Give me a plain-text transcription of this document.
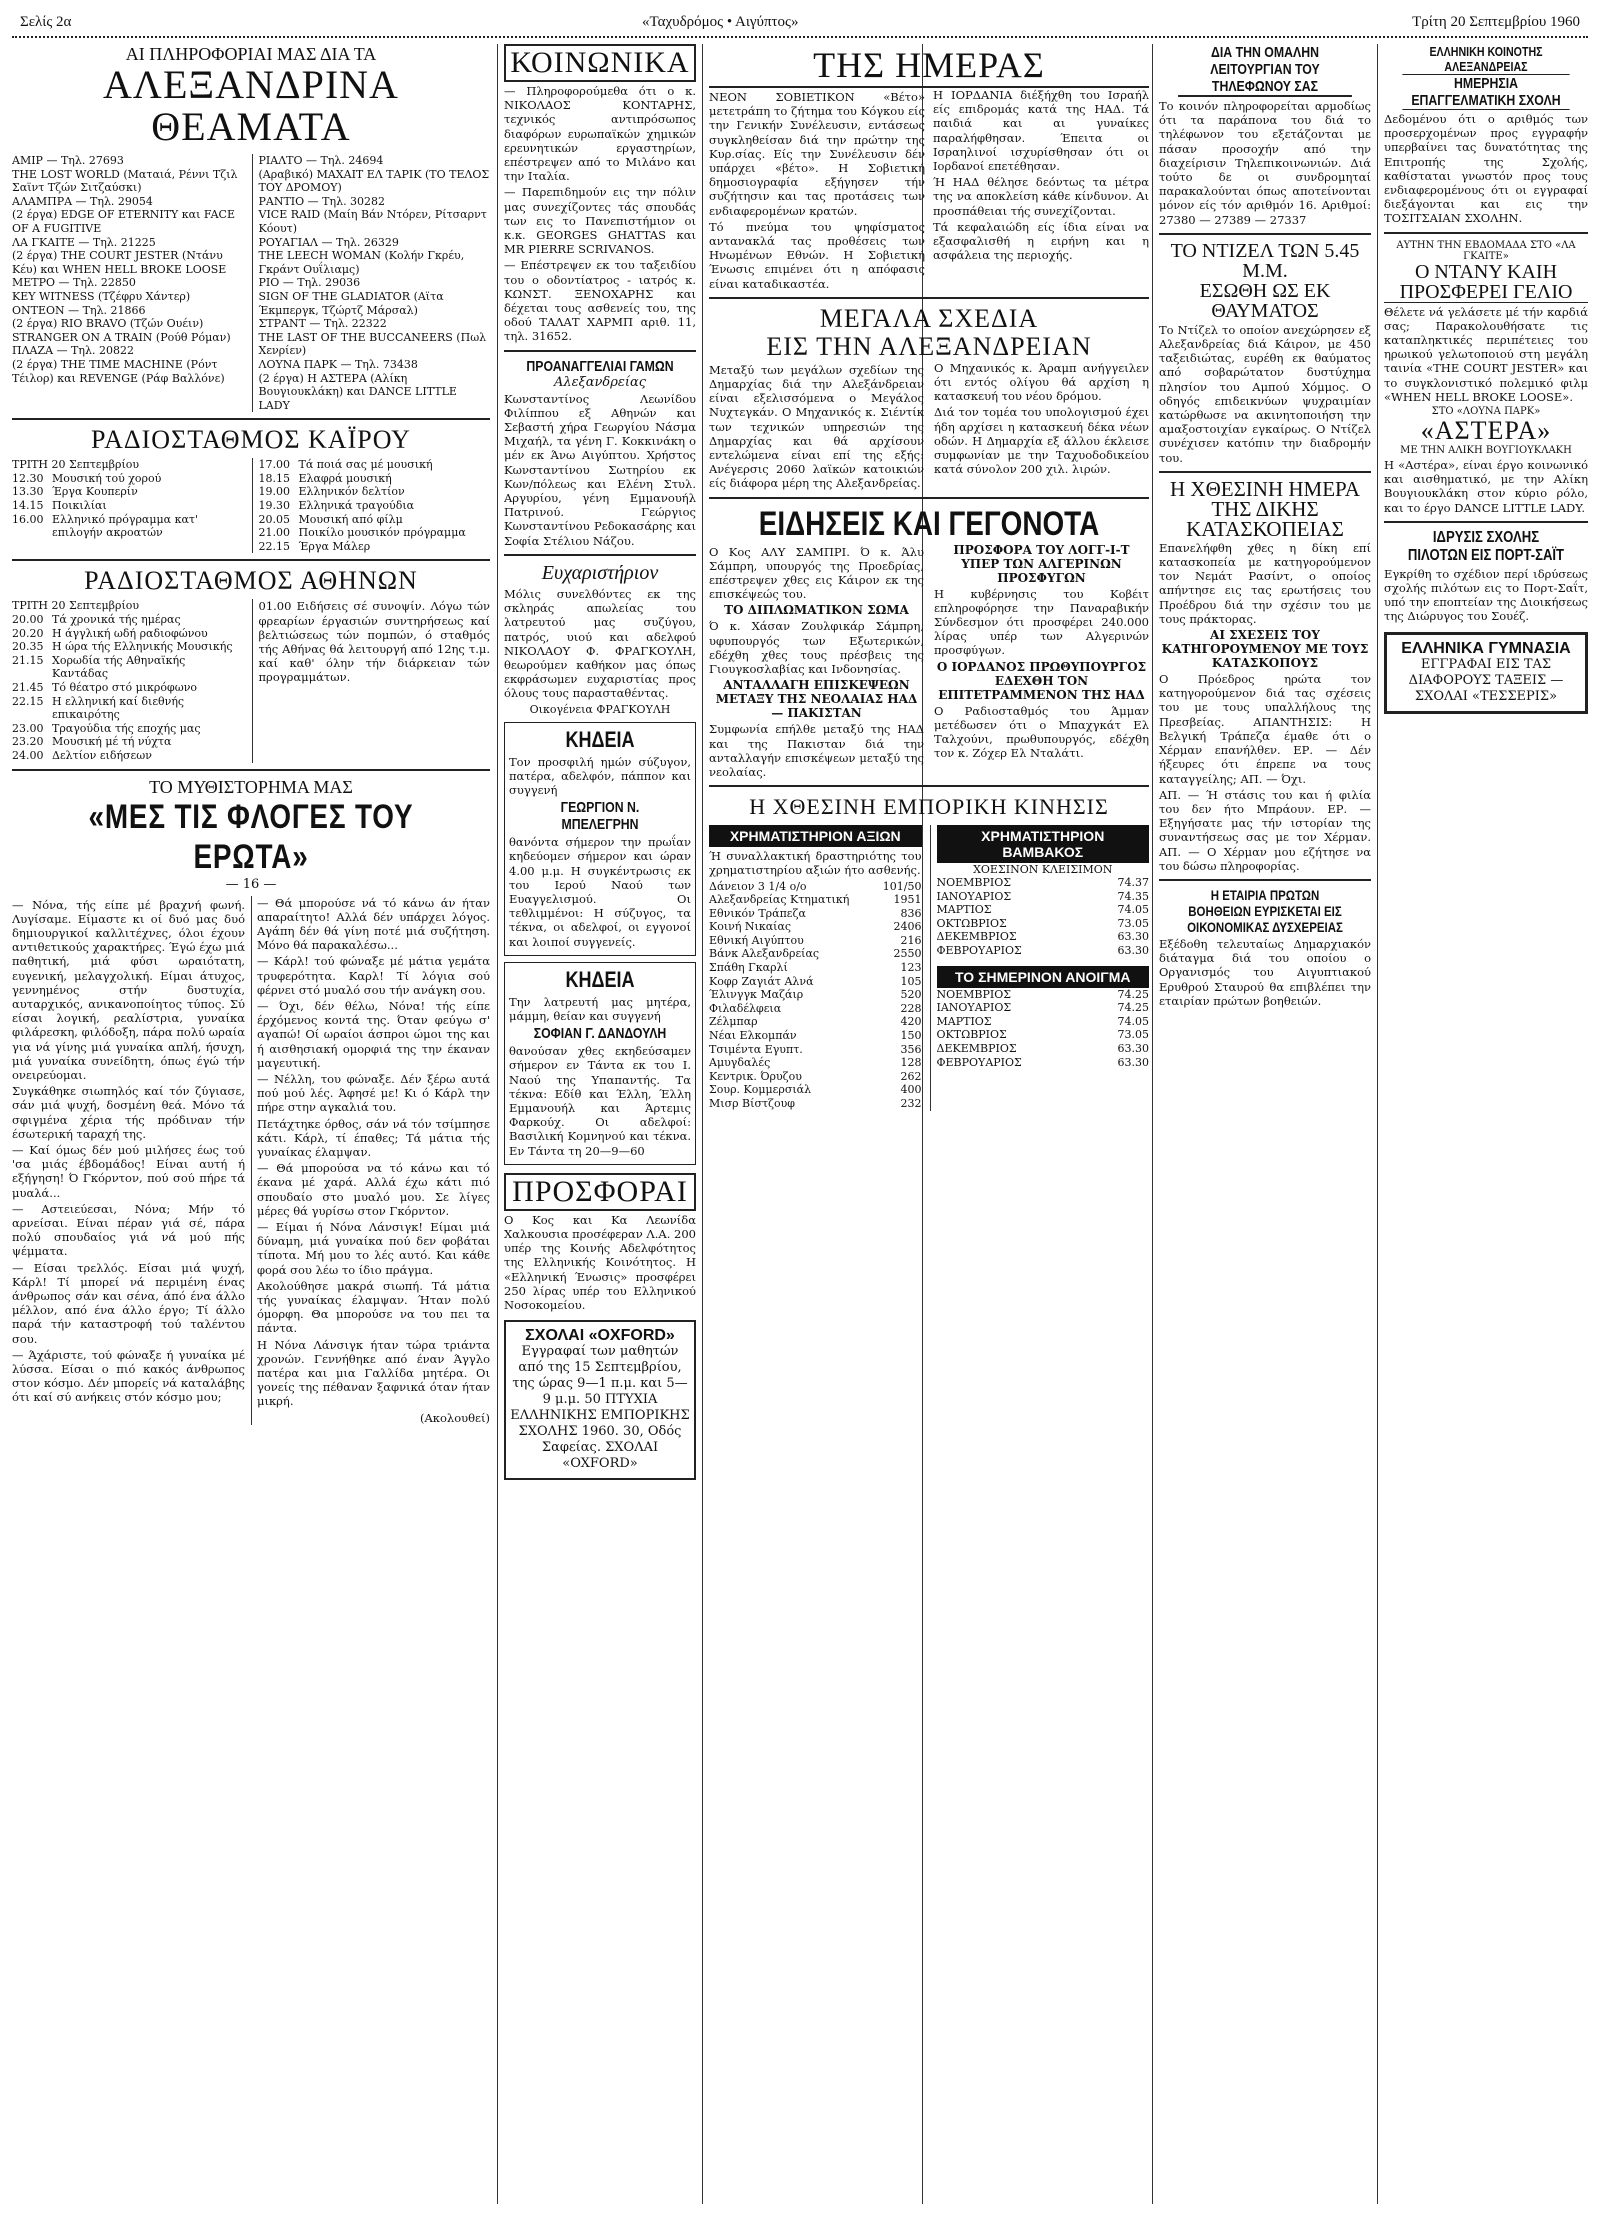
Σελίς 2α	«Ταχυδρόμος • Αιγύπτος»	Τρίτη 20 Σεπτεμβρίου 1960
ΑΙ ΠΛΗΡΟΦΟΡΙΑΙ ΜΑΣ ΔΙΑ ΤΑ
ΑΛΕΞΑΝΔΡΙΝΑ ΘΕΑΜΑΤΑ
ΑΜΙΡ — Τηλ. 27693
THE LOST WORLD (Ματαιά, Ρέννι Τζιλ Σαϊντ Τζών Σιτζαύσκι)
ΑΛΑΜΠΡΑ — Τηλ. 29054
(2 έργα) EDGE OF ETERNITY και FACE OF A FUGITIVE
ΛΑ ΓΚΑΙΤΕ — Τηλ. 21225
(2 έργα) THE COURT JESTER (Ντάνυ Κέυ) και WHEN HELL BROKE LOOSE
ΜΕΤΡΟ — Τηλ. 22850
KEY WITNESS (Τζέφρυ Χάντερ)
ΟΝΤΕΟΝ — Τηλ. 21866
(2 έργα) RIO BRAVO (Τζών Ουέιν) STRANGER ON A TRAIN (Ρούθ Ρόμαν)
ΠΛΑΖΑ — Τηλ. 20822
(2 έργα) THE TIME MACHINE (Ρόντ Τέιλορ) και REVENGE (Ράφ Βαλλόνε)
ΡΙΑΛΤΟ — Τηλ. 24694
(Αραβικό) ΜΑΧΑΙΤ ΕΛ ΤΑΡΙΚ (ΤΟ ΤΕΛΟΣ ΤΟΥ ΔΡΟΜΟΥ)
ΡΑΝΤΙΟ — Τηλ. 30282
VICE RAID (Μαίη Βάν Ντόρεν, Ρίτσαρντ Κόουτ)
ΡΟΥΑΓΙΑΛ — Τηλ. 26329
THE LEECH WOMAN (Κολήν Γκρέυ, Γκράντ Ουΐλιαμς)
ΡΙΟ — Τηλ. 29036
SIGN OF THE GLADIATOR (Αϊτα Έκμπεργκ, Τζώρτζ Μάρσαλ)
ΣΤΡΑΝΤ — Τηλ. 22322
THE LAST OF THE BUCCANEERS (Πωλ Χενρίεν)
ΛΟΥΝΑ ΠΑΡΚ — Τηλ. 73438
(2 έργα) Η ΑΣΤΕΡΑ (Αλίκη Βουγιουκλάκη) και DANCE LITTLE LADY
ΡΑΔΙΟΣΤΑΘΜΟΣ ΚΑΪΡΟΥ
ΤΡΙΤΗ 20 Σεπτεμβρίου
12.30 Μουσική τού χορού
13.30 Έργα Κουπερίν
14.15 Ποικιλίαι
16.00 Ελληνικό πρόγραμμα κατ' επιλογήν ακροατών
17.00 Τά ποιά σας μέ μουσική
18.15 Ελαφρά μουσική
19.00 Ελληνικόν δελτίον
19.30 Ελληνικά τραγούδια
20.05 Μουσική από φίλμ
21.00 Ποικίλο μουσικόν πρόγραμμα
22.15 Έργα Μάλερ
ΡΑΔΙΟΣΤΑΘΜΟΣ ΑΘΗΝΩΝ
ΤΡΙΤΗ 20 Σεπτεμβρίου
20.00 Τά χρονικά τής ημέρας
20.20 Η άγγλική ωδή ραδιοφώνου
20.35 Η ώρα τής Ελληνικής Μουσικής
21.15 Χορωδία τής Αθηναϊκής Καντάδας
21.45 Τό θέατρο στό μικρόφωνο
22.15 Η ελληνική καί διεθνής επικαιρότης
23.00 Τραγούδια τής εποχής μας
23.20 Μουσική μέ τή νύχτα
24.00 Δελτίον ειδήσεων

01.00 Ειδήσεις σέ συνοψίν. Λόγω τών φρεαρίων έργασιών συντηρήσεως καί βελτιώσεως τών πομπών, ό σταθμός τής Αθήνας θά λειτουργή από 12ης τ.μ. καί καθ' όλην τήν διάρκειαν τών προγραμμάτων.

ΤΟ ΜΥΘΙΣΤΟΡΗΜΑ ΜΑΣ
«ΜΕΣ ΤΙΣ ΦΛΟΓΕΣ ΤΟΥ ΕΡΩΤΑ»
— 16 —

— Νόνα, τής είπε μέ βραχνή φωνή. Λυγίσαμε. Είμαστε κι οί δυό μας δυό δημιουργικοί καλλιτέχνες, όλοι έχουν αντιθετικούς χαρακτήρες. Έγώ έχω μιά παθητική, μιά φύσι ωραιότατη, ευγενική, μελαγχολική. Είμαι άτυχος, γεννημένος στήν δυστυχία, αυταρχικός, ανικανοποίητος τύπος. Σύ είσαι λογική, ρεαλίστρια, γυναίκα φιλάρεσκη, φιλόδοξη, πάρα πολύ ωραία για νά γίνης μιά γυναίκα απλή, ήσυχη, μιά γυναίκα συνείδητη, όπως έγώ τήν ονειρεύομαι.

Συγκάθηκε σιωπηλός καί τόν ζύγιασε, σάν μιά ψυχή, δοσμένη θεά. Μόνο τά σφιγμένα χέρια τής πρόδιναν τήν έσωτερική ταραχή της.

— Καί όμως δέν μού μιλήσες έως τού 'σα μιάς έβδομάδος! Είναι αυτή ή εξήγηση! Ό Γκόρντον, πού σού πήρε τά μυαλά...

— Αστειεύεσαι, Νόνα; Μήν τό αρνείσαι. Είναι πέραν γιά σέ, πάρα πολύ σπουδαίος γιά νά μού πής ψέμματα.

— Είσαι τρελλός. Είσαι μιά ψυχή, Κάρλ! Τί μπορεί νά περιμένη ένας άνθρωπος σάν και σένα, άπό ένα άλλο μέλλον, από ένα άλλο έργο; Τί άλλο παρά τήν καταστροφή τού ταλέντου σου.

— Άχάριστε, τού φώναξε ή γυναίκα μέ λύσσα. Είσαι ο πιό κακός άνθρωπος στον κόσμο. Δέν μπορείς νά καταλάβης ότι καί σύ ανήκεις στόν κόσμο μου;

— Θά μπορούσε νά τό κάνω άν ήταν απαραίτητο! Αλλά δέν υπάρχει λόγος. Αγάπη δέν θά γίνη ποτέ μιά συζήτηση. Μόνο θά παρακαλέσω...

— Κάρλ! τού φώναξε μέ μάτια γεμάτα τρυφερότητα. Καρλ! Τί λόγια σού φέρνει στό μυαλό σου τήν ανάγκη σου.

— Όχι, δέν θέλω, Νόνα! τής είπε έρχόμενος κοντά της. Όταν φεύγω σ' αγαπώ! Οί ωραίοι άσπροι ώμοι της και ή αισθησιακή ομορφιά της την έκαναν μαγευτική.

— Νέλλη, του φώναξε. Δέν ξέρω αυτά πού μού λές. Άφησέ με! Κι ό Κάρλ την πήρε στην αγκαλιά του.

Πετάχτηκε όρθος, σάν νά τόν τσίμπησε κάτι. Κάρλ, τί έπαθες; Τά μάτια τής γυναίκας έλαμψαν.

— Θά μπορούσα να τό κάνω και τό έκανα μέ χαρά. Αλλά έχω κάτι πιό σπουδαίο στο μυαλό μου. Σε λίγες μέρες θά γυρίσω στον Γκόρντον.

— Είμαι ή Νόνα Λάνσιγκ! Είμαι μιά δύναμη, μιά γυναίκα πού δεν φοβάται τίποτα. Μή μου το λές αυτό. Και κάθε φορά σου λέω το ίδιο πράγμα.

Ακολούθησε μακρά σιωπή. Τά μάτια τής γυναίκας έλαμψαν. Ήταν πολύ όμορφη. Θα μπορούσε να του πει τα πάντα.

Η Νόνα Λάνσιγκ ήταν τώρα τριάντα χρονών. Γεννήθηκε από έναν Άγγλο πατέρα και μια Γαλλίδα μητέρα. Οι γονείς της πέθαναν ξαφνικά όταν ήταν μικρή.

(Ακολουθεί)

ΚΟΙΝΩΝΙΚΑ

— Πληροφορούμεθα ότι ο κ. ΝΙΚΟΛΑΟΣ ΚΟΝΤΑΡΗΣ, τεχνικός αντιπρόσωπος διαφόρων ευρωπαϊκών χημικών ερευνητικών εργαστηρίων, επέστρεψεν από το Μιλάνο και την Ιταλία.

— Παρεπιδημούν εις την πόλιν μας συνεχίζοντες τάς σπουδάς των εις το Πανεπιστήμιον οι κ.κ. GEORGES GHATTAS και MR PIERRE SCRIVANOS.

— Επέστρεψεν εκ του ταξειδίου του ο οδοντίατρος - ιατρός κ. ΚΩΝΣΤ. ΞΕΝΟΧΑΡΗΣ και δέχεται τους ασθενείς του, της οδού ΤΑΛΑΤ ΧΑΡΜΠ αριθ. 11, τηλ. 31652.

ΠΡΟΑΝΑΓΓΕΛΙΑΙ ΓΑΜΩΝ
Αλεξανδρείας

Κωνσταντίνος Λεωνίδου Φιλίππου εξ Αθηνών και Σεβαστή χήρα Γεωργίου Νάσμα Μιχαήλ, τα γένη Γ. Κοκκινάκη ο μέν εκ Άνω Αιγύπτου. Χρήστος Κωνσταντίνου Σωτηρίου εκ Κων/πόλεως και Ελένη Στυλ. Αργυρίου, γένη Εμμανουήλ Πατρινού. Γεώργιος Κωνσταντίνου Ρεδοκασάρης και Σοφία Στέλιου Νάζου.

Ευχαριστήριον

Μόλις συνελθόντες εκ της σκληράς απωλείας του λατρευτού μας συζύγου, πατρός, υιού και αδελφού ΝΙΚΟΛΑΟΥ Φ. ΦΡΑΓΚΟΥΛΗ, θεωρούμεν καθήκον μας όπως εκφράσωμεν ευχαριστίας προς όλους τους παρασταθέντας.

Οικογένεια ΦΡΑΓΚΟΥΛΗ
ΚΗΔΕΙΑ

Τον προσφιλή ημών σύζυγον, πατέρα, αδελφόν, πάππον και συγγενή

ΓΕΩΡΓΙΟΝ Ν. ΜΠΕΛΕΓΡΗΝ

θανόντα σήμερον την πρωΐαν κηδεύομεν σήμερον και ώραν 4.00 μ.μ. Η συγκέντρωσις εκ του Ιερού Ναού των Ευαγγελισμού. Οι τεθλιμμένοι: Η σύζυγος, τα τέκνα, οι αδελφοί, οι εγγονοί και λοιποί συγγενείς.

ΚΗΔΕΙΑ

Την λατρευτή μας μητέρα, μάμμη, θείαν και συγγενή

ΣΟΦΙΑΝ Γ. ΔΑΝΔΟΥΛΗ

θανούσαν χθες εκηδεύσαμεν σήμερον εν Τάντα εκ του Ι. Ναού της Υπαπαντής. Τα τέκνα: Εδίθ και Έλλη, Έλλη Εμμανουήλ και Άρτεμις Φαρκούχ. Οι αδελφοί: Βασιλική Κομνηνού και τέκνα. Εν Τάντα τη 20—9—60

ΠΡΟΣΦΟΡΑΙ

Ο Κος και Κα Λεωνίδα Χαλκουσια προσέφεραν Λ.Α. 200 υπέρ της Κοινής Αδελφότητος της Ελληνικής Κοινότητος. Η «Ελληνική Ένωσις» προσφέρει 250 λίρας υπέρ του Ελληνικού Νοσοκομείου.

ΣΧΟΛΑΙ «OXFORD»
Εγγραφαί των μαθητών από της 15 Σεπτεμβρίου, της ώρας 9—1 π.μ. και 5—9 μ.μ. 50 ΠΤΥΧΙΑ ΕΛΛΗΝΙΚΗΣ ΕΜΠΟΡΙΚΗΣ ΣΧΟΛΗΣ 1960. 30, Οδός Σαφείας. ΣΧΟΛΑΙ «OXFORD»
ΤΗΣ ΗΜΕΡΑΣ

ΝΕΟΝ ΣΟΒΙΕΤΙΚΟΝ «Βέτο» μετετράπη το ζήτημα του Κόγκου είς την Γενικήν Συνέλευσιν, εντάσεως συγκληθείσαν διά την πρώτην της Κυρ.σίας. Είς την Συνέλευσιν δέν υπάρχει «βέτο». Η Σοβιετική δημοσιογραφία εξήγησεν τήν συζήτησιν και τας προτάσεις των ενδιαφερομένων κρατών.

Τό πνεύμα του ψηφίσματος αντανακλά τας προθέσεις των Ηνωμένων Εθνών. Η Σοβιετική Ένωσις επιμένει ότι η απόφασις είναι καταδικαστέα.

Η ΙΟΡΔΑΝΙΑ διέξήχθη του Ισραήλ είς επιδρομάς κατά της ΗΑΔ. Τά παιδιά και αι γυναίκες παραλήφθησαν. Έπειτα οι Ισραηλινοί ισχυρίσθησαν ότι οι Ιορδανοί επετέθησαν.

Ή ΗΑΔ θέλησε δεόντως τα μέτρα της να αποκλείση κάθε κίνδυνον. Αι προσπάθειαι τής συνεχίζονται.

Τά κεφαλαιώδη είς ίδια είναι να εξασφαλισθή η ειρήνη και η ασφάλεια της περιοχής.

ΜΕΓΑΛΑ ΣΧΕΔΙΑ
ΕΙΣ ΤΗΝ ΑΛΕΞΑΝΔΡΕΙΑΝ

Μεταξύ των μεγάλων σχεδίων της Δημαρχίας διά την Αλεξάνδρειαν είναι εξελισσόμενα ο Μεγάλος Νυχτεγκάν. Ο Μηχανικός κ. Σιέντίκ των τεχνικών υπηρεσιών της Δημαρχίας και θά αρχίσουν εντελώμενα είναι επί της εξής: Ανέγερσις 2060 λαϊκών κατοικιών είς διάφορα μέρη της Αλεξανδρείας.

Ο Μηχανικός κ. Άραμπ ανήγγειλεν ότι εντός ολίγου θά αρχίση η κατασκευή του νέου δρόμου.

Διά τον τομέα του υπολογισμού έχει ήδη αρχίσει η κατασκευή δέκα νέων οδών. Η Δημαρχία εξ άλλου έκλεισε συμφωνίαν με την Ταχυοδοδικείου κατά σύνολον 200 χιλ. λιρών.

ΕΙΔΗΣΕΙΣ ΚΑΙ ΓΕΓΟΝΟΤΑ

Ο Κος ΑΛΥ ΣΑΜΠΡΙ. Ό κ. Άλυ Σάμπρη, υπουργός της Προεδρίας, επέστρεψεν χθες εις Κάιρον εκ της επισκέψεώς του.

ΤΟ ΔΙΠΛΩΜΑΤΙΚΟΝ ΣΩΜΑ

Ό κ. Χάσαν Ζουλφικάρ Σάμπρη, υφυπουργός των Εξωτερικών, εδέχθη χθες τους πρέσβεις της Γιουγκοσλαβίας και Ινδονησίας.

ΑΝΤΑΛΛΑΓΗ ΕΠΙΣΚΕΨΕΩΝ ΜΕΤΑΞΥ ΤΗΣ ΝΕΟΛΑΙΑΣ ΗΑΔ — ΠΑΚΙΣΤΑΝ

Συμφωνία επήλθε μεταξύ της ΗΑΔ και της Πακισταν διά την ανταλλαγήν επισκέψεων μεταξύ της νεολαίας.

ΠΡΟΣΦΟΡΑ ΤΟΥ ΛΟΓΓ-Ι-Τ ΥΠΕΡ ΤΩΝ ΑΛΓΕΡΙΝΩΝ ΠΡΟΣΦΥΓΩΝ

Η κυβέρνησις του Κοβέιτ επληροφόρησε την Παναραβικήν Σύνδεσμον ότι προσφέρει 240.000 λίρας υπέρ των Αλγερινών προσφύγων.

Ο ΙΟΡΔΑΝΟΣ ΠΡΩΘΥΠΟΥΡΓΟΣ ΕΔΕΧΘΗ ΤΟΝ ΕΠΙΤΕΤΡΑΜΜΕΝΟΝ ΤΗΣ ΗΑΔ

Ο Ραδιοσταθμός του Άμμαν μετέδωσεν ότι ο Μπαχγκάτ Ελ Ταλχούνι, πρωθυπουργός, εδέχθη τον κ. Ζόχερ Ελ Νταλάτι.

Η ΧΘΕΣΙΝΗ ΕΜΠΟΡΙΚΗ ΚΙΝΗΣΙΣ
ΧΡΗΜΑΤΙΣΤΗΡΙΟΝ ΑΞΙΩΝ

Ή συναλλακτική δραστηριότης του χρηματιστηρίου αξιών ήτο ασθενής.

Δάνειον 3 1/4 ο/ο	101/50
Αλεξανδρείας Κτηματική	1951
Εθνικόν Τράπεζα	836
Κοινή Νικαίας	2406
Εθνική Αιγύπτου	216
Βάνκ Αλεξανδρείας	2550
Σπάθη Γκαρλί	123
Κοφρ Ζαγιάτ Αλνά	105
Έλινγγκ Μαζάιρ	520
Φιλαδέλφεια	228
Ζέλμπαρ	420
Νέαι Ελκομπάν	150
Τσιμέντα Εγυπτ.	356
Αμυγδαλές	128
Κεντρικ. Όρυζου	262
Σουρ. Κομμερσιάλ	400
Μισρ Βίστζουφ	232
ΧΡΗΜΑΤΙΣΤΗΡΙΟΝ ΒΑΜΒΑΚΟΣ
ΧΟΕΣΙΝΟΝ ΚΛΕΙΣΙΜΟΝ
ΝΟΕΜΒΡΙΟΣ	74.37
ΙΑΝΟΥΑΡΙΟΣ	74.35
ΜΑΡΤΙΟΣ	74.05
ΟΚΤΩΒΡΙΟΣ	73.05
ΔΕΚΕΜΒΡΙΟΣ	63.30
ΦΕΒΡΟΥΑΡΙΟΣ	63.30
ΤΟ ΣΗΜΕΡΙΝΟΝ ΑΝΟΙΓΜΑ
ΝΟΕΜΒΡΙΟΣ	74.25
ΙΑΝΟΥΑΡΙΟΣ	74.25
ΜΑΡΤΙΟΣ	74.05
ΟΚΤΩΒΡΙΟΣ	73.05
ΔΕΚΕΜΒΡΙΟΣ	63.30
ΦΕΒΡΟΥΑΡΙΟΣ	63.30
ΔΙΑ ΤΗΝ ΟΜΑΛΗΝ ΛΕΙΤΟΥΡΓΙΑΝ ΤΟΥ ΤΗΛΕΦΩΝΟΥ ΣΑΣ

Το κοινόν πληροφορείται αρμοδίως ότι τα παράπονα του διά το τηλέφωνον του εξετάζονται με πάσαν προσοχήν από την διαχείρισιν Τηλεπικοινωνιών. Διά τούτο δε οι συνδρομηταί παρακαλούνται όπως αποτείνονται μόνον είς τόν αριθμόν 16. Αριθμοί: 27380 — 27389 — 27337

ΤΟ ΝΤΙΖΕΛ ΤΩΝ 5.45 Μ.Μ.
ΕΣΩΘΗ ΩΣ ΕΚ ΘΑΥΜΑΤΟΣ

Το Ντίζελ το οποίον ανεχώρησεν εξ Αλεξανδρείας διά Κάιρον, με 450 ταξειδιώτας, ευρέθη εκ θαύματος από σοβαρώτατον δυστύχημα πλησίον του Αμπού Χόμμος. Ο οδηγός επιδεικνύων ψυχραιμίαν κατώρθωσε να ακινητοποιήση την αμαξοστοιχίαν εγκαίρως. Ο Ντίζελ συνέχισεν κατόπιν την διαδρομήν του.

Η ΧΘΕΣΙΝΗ ΗΜΕΡΑ
ΤΗΣ ΔΙΚΗΣ ΚΑΤΑΣΚΟΠΕΙΑΣ

Επανελήφθη χθες η δίκη επί κατασκοπεία με κατηγορούμενον τον Νεμάτ Ρασίντ, ο οποίος απήντησε εις τας ερωτήσεις του Προέδρου διά την σχέσιν του με τους πράκτορας.

ΑΙ ΣΧΕΣΕΙΣ ΤΟΥ ΚΑΤΗΓΟΡΟΥΜΕΝΟΥ ΜΕ ΤΟΥΣ ΚΑΤΑΣΚΟΠΟΥΣ

Ο Πρόεδρος ηρώτα τον κατηγορούμενον διά τας σχέσεις του με τους υπαλλήλους της Πρεσβείας. ΑΠΑΝΤΗΣΙΣ: Η Βελγική Τράπεζα έμαθε ότι ο Χέρμαν επανήλθεν. ΕΡ. — Δέν ήξευρες ότι έπρεπε να τους καταγγείλης; ΑΠ. — Όχι.

ΑΠ. — Ή στάσις του και ή φιλία του δεν ήτο Μπράουν. ΕΡ. — Εξηγήσατε μας τήν ιστορίαν της συναντήσεως σας με τον Χέρμαν. ΑΠ. — Ο Χέρμαν μου εζήτησε να του δώσω πληροφορίας.

Η ΕΤΑΙΡΙΑ ΠΡΩΤΩΝ ΒΟΗΘΕΙΩΝ ΕΥΡΙΣΚΕΤΑΙ ΕΙΣ ΟΙΚΟΝΟΜΙΚΑΣ ΔΥΣΧΕΡΕΙΑΣ

Εξέδοθη τελευταίως Δημαρχιακόν διάταγμα διά του οποίου ο Οργανισμός του Αιγυπτιακού Ερυθρού Σταυρού θα επιβλέπει την εταιρίαν πρώτων βοηθειών.

ΕΛΛΗΝΙΚΗ ΚΟΙΝΟΤΗΣ ΑΛΕΞΑΝΔΡΕΙΑΣ
ΗΜΕΡΗΣΙΑ ΕΠΑΓΓΕΛΜΑΤΙΚΗ ΣΧΟΛΗ

Δεδομένου ότι ο αριθμός των προσερχομένων προς εγγραφήν υπερβαίνει τας δυνατότητας της Επιτροπής της Σχολής, καθίσταται γνωστόν προς τους ενδιαφερομένους ότι οι εγγραφαί διεξάγονται και εις την ΤΟΣΙΤΣΑΙΑΝ ΣΧΟΛΗΝ.

ΑΥΤΗΝ ΤΗΝ ΕΒΔΟΜΑΔΑ ΣΤΟ «ΛΑ ΓΚΑΙΤΕ»
Ο ΝΤΑΝΥ ΚΑΙΗ
ΠΡΟΣΦΕΡΕΙ ΓΕΛΙΟ

Θέλετε νά γελάσετε μέ τήν καρδιά σας; Παρακολουθήσατε τις καταπληκτικές περιπέτειες του ηρωικού γελωτοποιού στη μεγάλη ταινία «THE COURT JESTER» και το συγκλονιστικό πολεμικό φιλμ «WHEN HELL BROKE LOOSE».

ΣΤΟ «ΛΟΥΝΑ ΠΑΡΚ»
«ΑΣΤΕΡΑ»
ΜΕ ΤΗΝ ΑΛΙΚΗ ΒΟΥΓΙΟΥΚΛΑΚΗ

Η «Αστέρα», είναι έργο κοινωνικό και αισθηματικό, με την Αλίκη Βουγιουκλάκη στον κύριο ρόλο, και το έργο DANCE LITTLE LADY.

ΙΔΡΥΣΙΣ ΣΧΟΛΗΣ
ΠΙΛΟΤΩΝ ΕΙΣ ΠΟΡΤ-ΣΑΪΤ

Εγκρίθη το σχέδιον περί ιδρύσεως σχολής πιλότων εις το Πορτ-Σαΐτ, υπό την εποπτείαν της Διοικήσεως της Διώρυγος του Σουέζ.

ΕΛΛΗΝΙΚΑ ΓΥΜΝΑΣΙΑ
ΕΓΓΡΑΦΑΙ ΕΙΣ ΤΑΣ ΔΙΑΦΟΡΟΥΣ ΤΑΞΕΙΣ — ΣΧΟΛΑΙ «ΤΕΣΣΕΡΙΣ»
